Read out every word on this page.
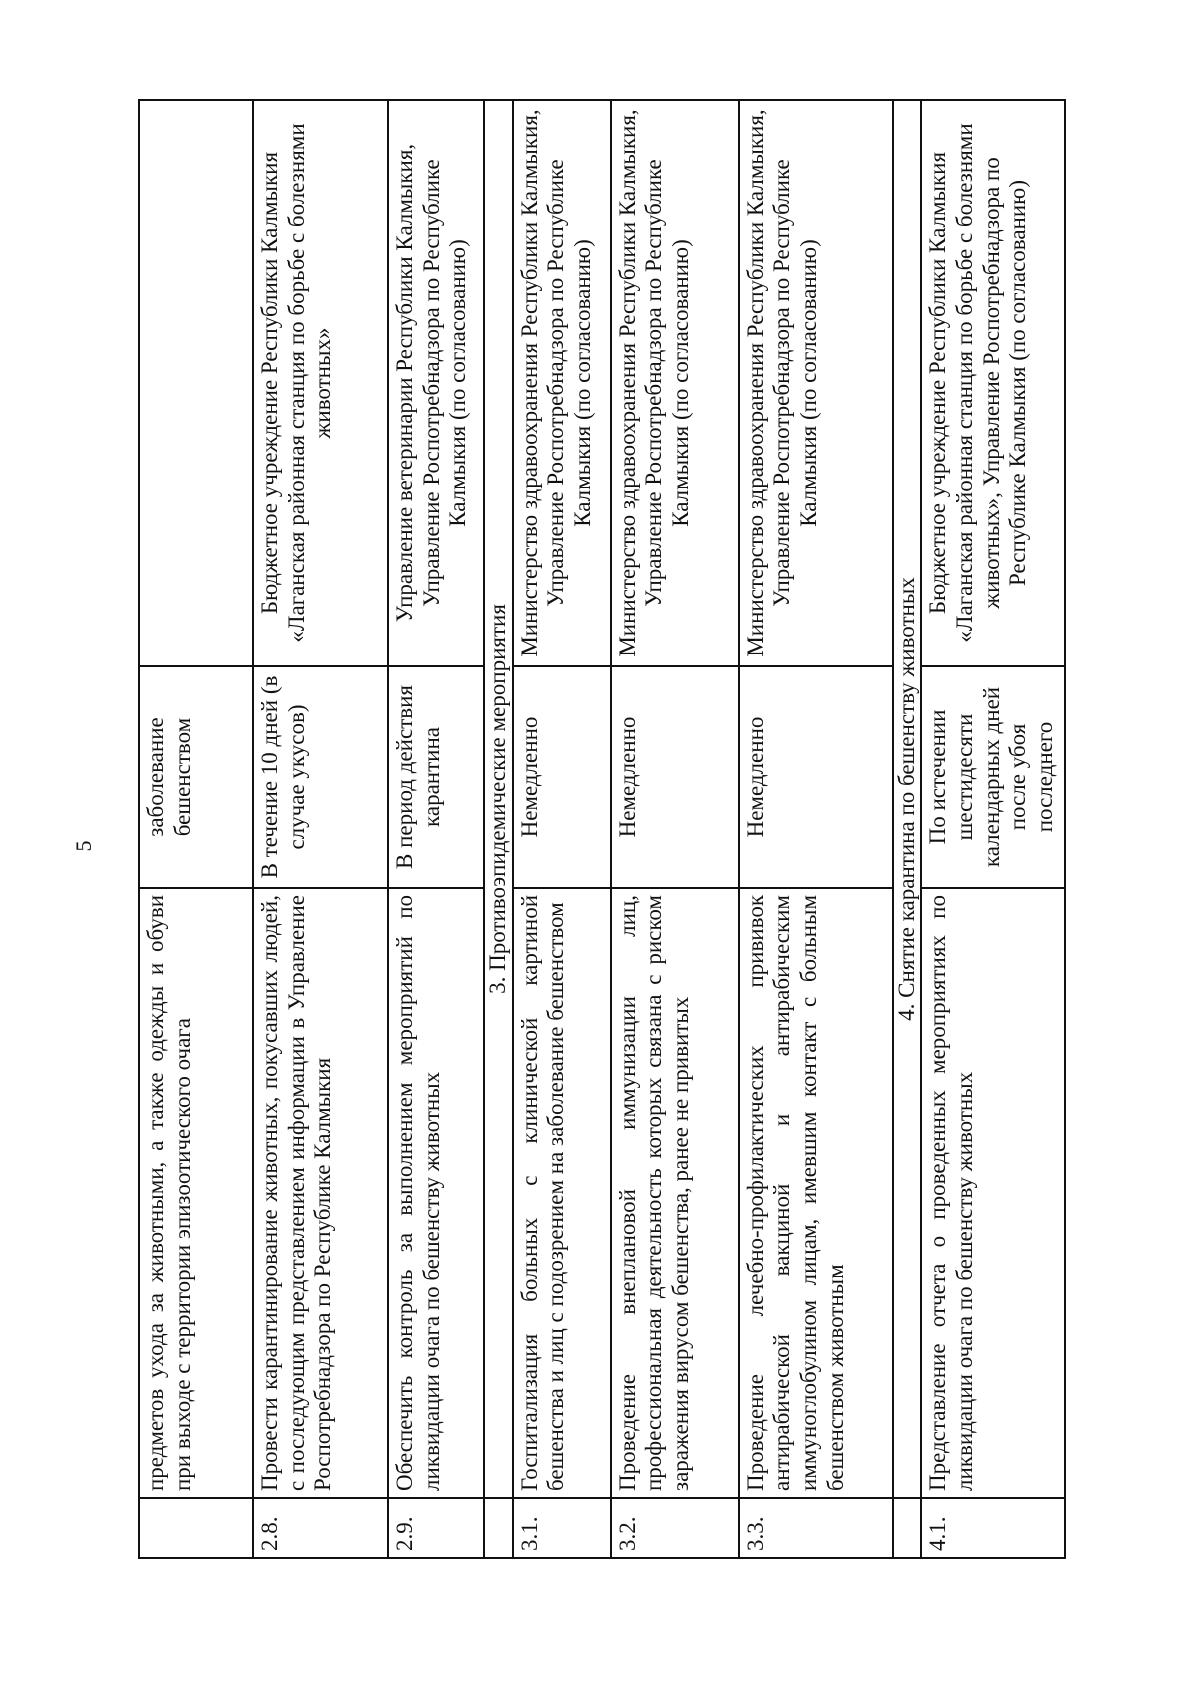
5
	предметов ухода за животными, а также одежды и обуви при выходе с территории эпизоотического очага	заболевание бешенством	
2.8.	Провести карантинирование животных, покусавших людей, с последующим представлением информации в Управление Роспотребнадзора по Республике Калмыкия	В течение 10 дней (в случае укусов)	Бюджетное учреждение Республики Калмыкия «Лаганская районная станция по борьбе с болезнями животных»
2.9.	Обеспечить контроль за выполнением мероприятий по ликвидации очага по бешенству животных	В период действия карантина	Управление ветеринарии Республики Калмыкия, Управление Роспотребнадзора по Республике Калмыкия (по согласованию)
	3. Противоэпидемические мероприятия		
3.1.	Госпитализация больных с клинической картиной бешенства и лиц с подозрением на заболевание бешенством	Немедленно	Министерство здравоохранения Республики Калмыкия, Управление Роспотребнадзора по Республике Калмыкия (по согласованию)
3.2.	Проведение внеплановой иммунизации лиц, профессиональная деятельность которых связана с риском заражения вирусом бешенства, ранее не привитых	Немедленно	Министерство здравоохранения Республики Калмыкия, Управление Роспотребнадзора по Республике Калмыкия (по согласованию)
3.3.	Проведение лечебно-профилактических прививок антирабической вакциной и антирабическим иммуноглобулином лицам, имевшим контакт с больным бешенством животным	Немедленно	Министерство здравоохранения Республики Калмыкия, Управление Роспотребнадзора по Республике Калмыкия (по согласованию)
	4. Снятие карантина по бешенству животных		
4.1.	Представление отчета о проведенных мероприятиях по ликвидации очага по бешенству животных	По истечении шестидесяти календарных дней после убоя последнего	Бюджетное учреждение Республики Калмыкия «Лаганская районная станция по борьбе с болезнями животных», Управление Роспотребнадзора по Республике Калмыкия (по согласованию)
